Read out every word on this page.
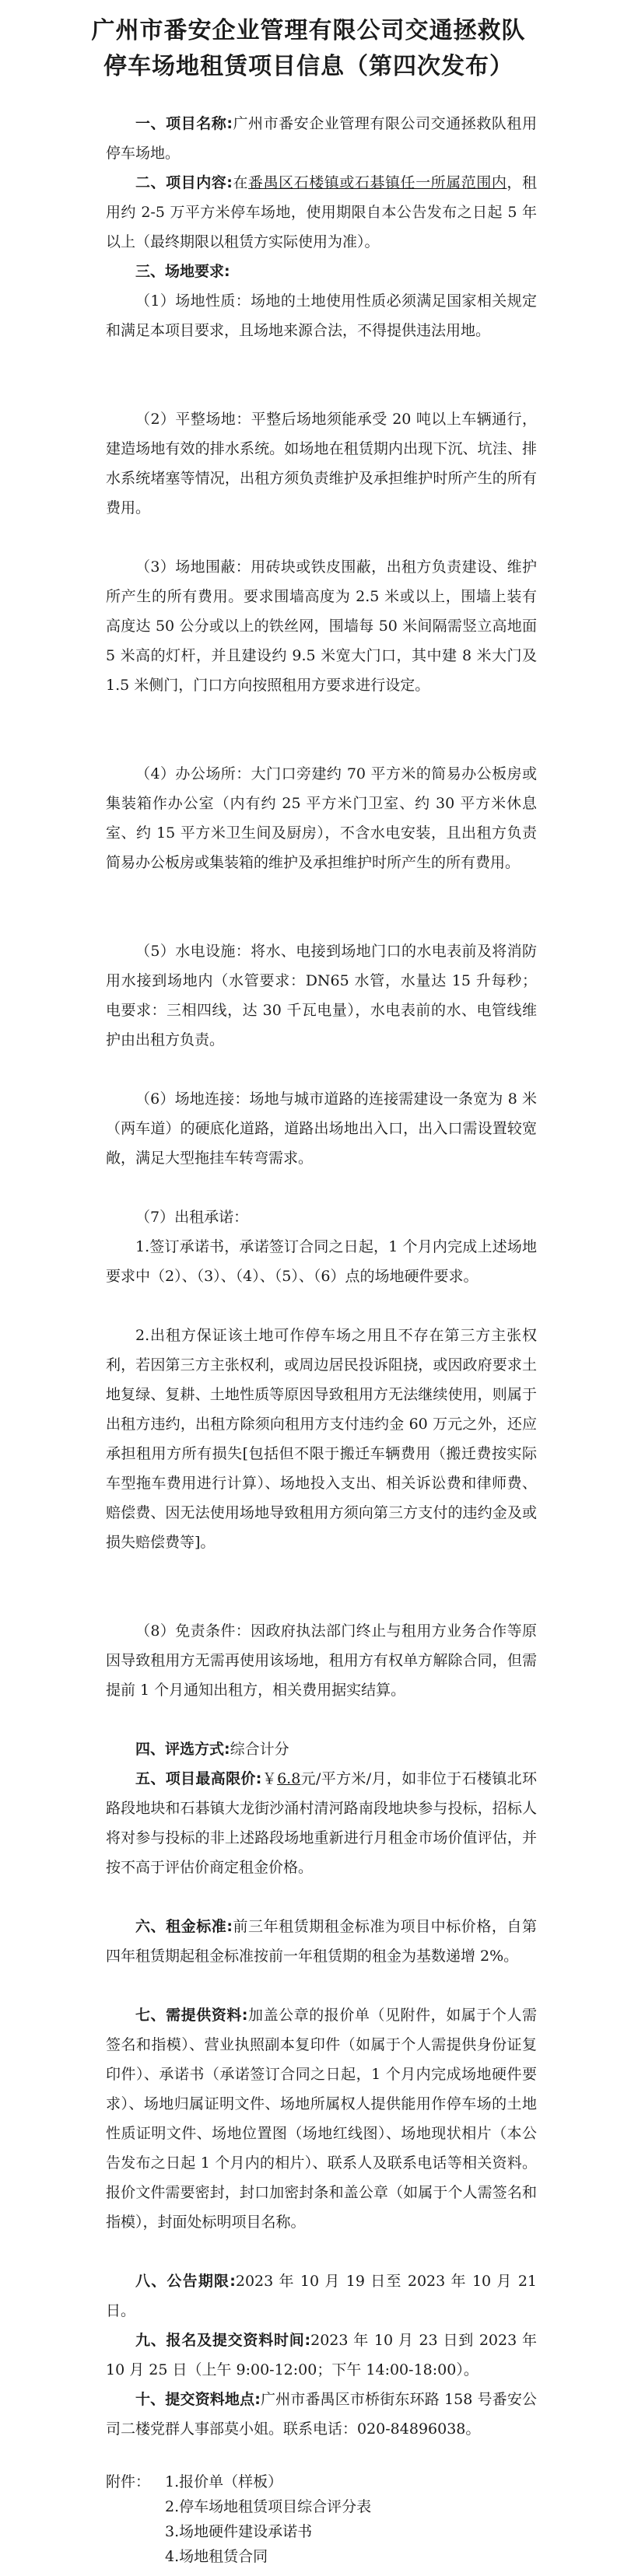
广州市番安企业管理有限公司交通拯救队
停车场地租赁项目信息（第四次发布）
一、项目名称:广州市番安企业管理有限公司交通拯救队租用停车场地。
二、项目内容:在番禺区石楼镇或石碁镇任一所属范围内，租用约 2-5 万平方米停车场地，使用期限自本公告发布之日起 5 年以上（最终期限以租赁方实际使用为准）。
三、场地要求:
（1）场地性质：场地的土地使用性质必须满足国家相关规定和满足本项目要求，且场地来源合法，不得提供违法用地。
（2）平整场地：平整后场地须能承受 20 吨以上车辆通行，建造场地有效的排水系统。如场地在租赁期内出现下沉、坑洼、排水系统堵塞等情况，出租方须负责维护及承担维护时所产生的所有费用。
（3）场地围蔽：用砖块或铁皮围蔽，出租方负责建设、维护所产生的所有费用。要求围墙高度为 2.5 米或以上，围墙上装有高度达 50 公分或以上的铁丝网，围墙每 50 米间隔需竖立高地面 5 米高的灯杆，并且建设约 9.5 米宽大门口，其中建 8 米大门及 1.5 米侧门，门口方向按照租用方要求进行设定。
（4）办公场所：大门口旁建约 70 平方米的简易办公板房或集装箱作办公室（内有约 25 平方米门卫室、约 30 平方米休息室、约 15 平方米卫生间及厨房），不含水电安装，且出租方负责简易办公板房或集装箱的维护及承担维护时所产生的所有费用。
（5）水电设施：将水、电接到场地门口的水电表前及将消防用水接到场地内（水管要求：DN65 水管，水量达 15 升每秒；电要求：三相四线，达 30 千瓦电量），水电表前的水、电管线维护由出租方负责。
（6）场地连接：场地与城市道路的连接需建设一条宽为 8 米（两车道）的硬底化道路，道路出场地出入口，出入口需设置较宽敞，满足大型拖挂车转弯需求。
（7）出租承诺：
1.签订承诺书，承诺签订合同之日起，1 个月内完成上述场地要求中（2）、（3）、（4）、（5）、（6）点的场地硬件要求。
2.出租方保证该土地可作停车场之用且不存在第三方主张权利，若因第三方主张权利，或周边居民投诉阻挠，或因政府要求土地复绿、复耕、土地性质等原因导致租用方无法继续使用，则属于出租方违约，出租方除须向租用方支付违约金 60 万元之外，还应承担租用方所有损失[包括但不限于搬迁车辆费用（搬迁费按实际车型拖车费用进行计算）、场地投入支出、相关诉讼费和律师费、赔偿费、因无法使用场地导致租用方须向第三方支付的违约金及或损失赔偿费等]。
（8）免责条件：因政府执法部门终止与租用方业务合作等原因导致租用方无需再使用该场地，租用方有权单方解除合同，但需提前 1 个月通知出租方，相关费用据实结算。
四、评选方式:综合计分
五、项目最高限价:￥6.8元/平方米/月，如非位于石楼镇北环路段地块和石碁镇大龙街沙涌村清河路南段地块参与投标，招标人将对参与投标的非上述路段场地重新进行月租金市场价值评估，并按不高于评估价商定租金价格。
六、租金标准:前三年租赁期租金标准为项目中标价格，自第四年租赁期起租金标准按前一年租赁期的租金为基数递增 2%。
七、需提供资料:加盖公章的报价单（见附件，如属于个人需签名和指模）、营业执照副本复印件（如属于个人需提供身份证复印件）、承诺书（承诺签订合同之日起，1 个月内完成场地硬件要求）、场地归属证明文件、场地所属权人提供能用作停车场的土地性质证明文件、场地位置图（场地红线图）、场地现状相片（本公告发布之日起 1 个月内的相片）、联系人及联系电话等相关资料。报价文件需要密封，封口加密封条和盖公章（如属于个人需签名和指模），封面处标明项目名称。
八、公告期限:2023 年 10 月 19 日至 2023 年 10 月 21 日。
九、报名及提交资料时间:2023 年 10 月 23 日到 2023 年 10 月 25 日（上午 9:00-12:00；下午 14:00-18:00）。
十、提交资料地点:广州市番禺区市桥街东环路 158 号番安公司二楼党群人事部莫小姐。联系电话：020-84896038。
附件： 1.报价单（样板）
2.停车场地租赁项目综合评分表
3.场地硬件建设承诺书
4.场地租赁合同
